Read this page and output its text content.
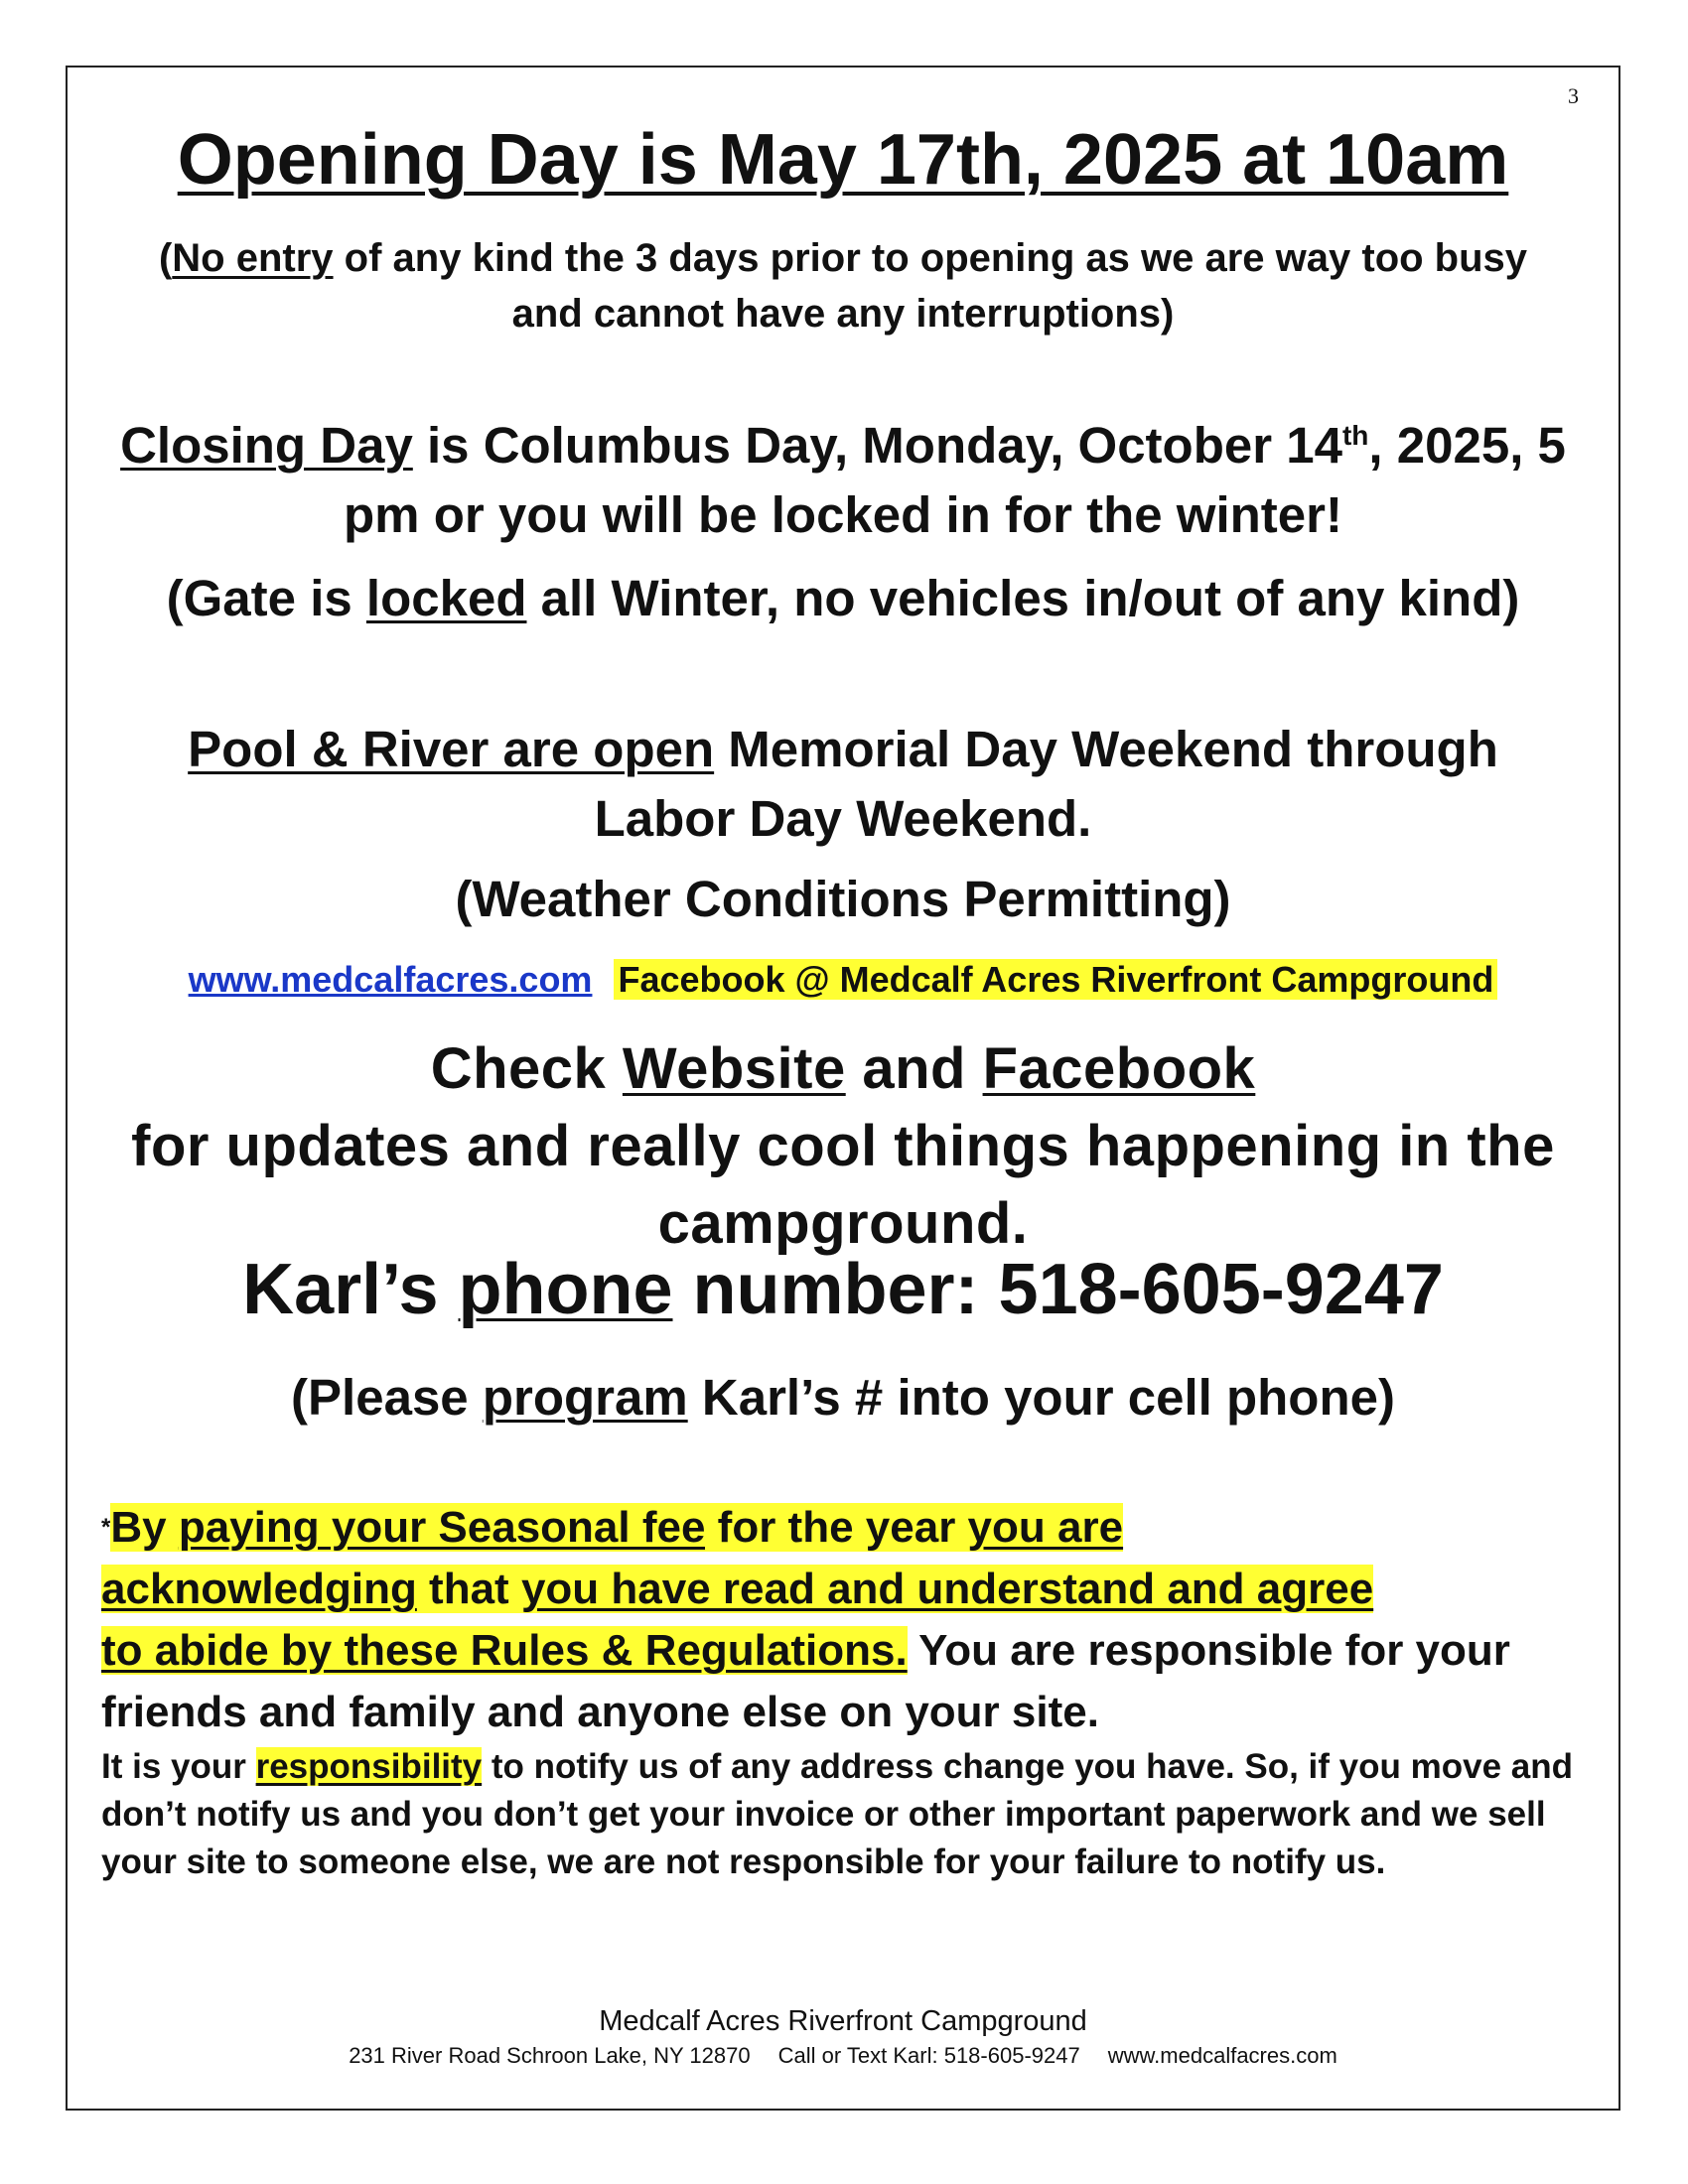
3
Opening Day is May 17th, 2025 at 10am
(No entry of any kind the 3 days prior to opening as we are way too busy and cannot have any interruptions)
Closing Day is Columbus Day, Monday, October 14th, 2025, 5 pm or you will be locked in for the winter!
(Gate is locked all Winter, no vehicles in/out of any kind)
Pool & River are open Memorial Day Weekend through Labor Day Weekend.
(Weather Conditions Permitting)
www.medcalfacres.com Facebook @ Medcalf Acres Riverfront Campground
Check Website and Facebook
for updates and really cool things happening in the campground.
Karl’s phone number: 518-605-9247
(Please program Karl’s # into your cell phone)
*By paying your Seasonal fee for the year you are
acknowledging that you have read and understand and agree
to abide by these Rules & Regulations. You are responsible for your friends and family and anyone else on your site.
It is your responsibility to notify us of any address change you have. So, if you move and don’t notify us and you don’t get your invoice or other important paperwork and we sell your site to someone else, we are not responsible for your failure to notify us.
Medcalf Acres Riverfront Campground
231 River Road Schroon Lake, NY 12870 Call or Text Karl: 518-605-9247 www.medcalfacres.com
